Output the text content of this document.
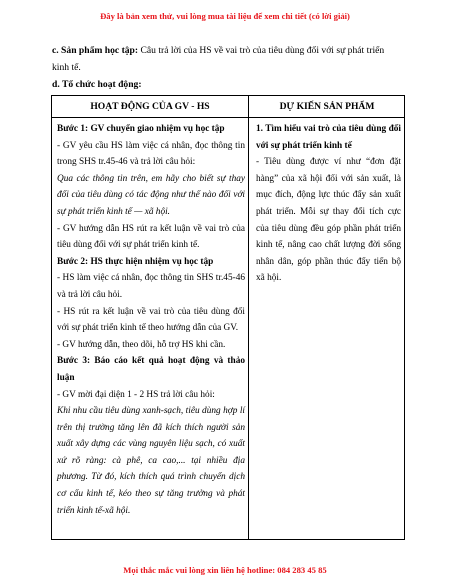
Đây là bản xem thử, vui lòng mua tài liệu để xem chi tiết (có lời giải)
c. Sản phẩm học tập: Câu trả lời của HS về vai trò của tiêu dùng đối với sự phát triển
kinh tế.
d. Tổ chức hoạt động:
HOẠT ĐỘNG CỦA GV - HS	DỰ KIẾN SẢN PHẨM

Bước 1: GV chuyển giao nhiệm vụ học tập

- GV yêu cầu HS làm việc cá nhân, đọc thông tin trong SHS tr.45-46 và trả lời câu hỏi:

Qua các thông tin trên, em hãy cho biết sự thay đổi của tiêu dùng có tác động như thế nào đối với sự phát triển kinh tế — xã hội.

- GV hướng dẫn HS rút ra kết luận về vai trò của tiêu dùng đối với sự phát triển kinh tế.

Bước 2: HS thực hiện nhiệm vụ học tập

- HS làm việc cá nhân, đọc thông tin SHS tr.45-46 và trả lời câu hỏi.

- HS rút ra kết luận về vai trò của tiêu dùng đối với sự phát triển kinh tế theo hướng dẫn của GV.

- GV hướng dẫn, theo dõi, hỗ trợ HS khi cần.

Bước 3: Báo cáo kết quả hoạt động và thảo luận

- GV mời đại diện 1 - 2 HS trả lời câu hỏi:

Khi nhu cầu tiêu dùng xanh-sạch, tiêu dùng hợp lí trên thị trường tăng lên đã kích thích người sản xuất xây dựng các vùng nguyên liệu sạch, có xuất xứ rõ ràng: cà phê, ca cao,... tại nhiều địa phương. Từ đó, kích thích quá trình chuyển dịch cơ cấu kinh tế, kéo theo sự tăng trưởng và phát triển kinh tế-xã hội.

1. Tìm hiểu vai trò của tiêu dùng đối với sự phát triển kinh tế

- Tiêu dùng được ví như “đơn đặt hàng” của xã hội đối với sản xuất, là mục đích, động lực thúc đẩy sản xuất phát triển. Mỗi sự thay đổi tích cực của tiêu dùng đều góp phần phát triển kinh tế, nâng cao chất lượng đời sống nhân dân, góp phần thúc đẩy tiến bộ xã hội.

Mọi thắc mắc vui lòng xin liên hệ hotline: 084 283 45 85
